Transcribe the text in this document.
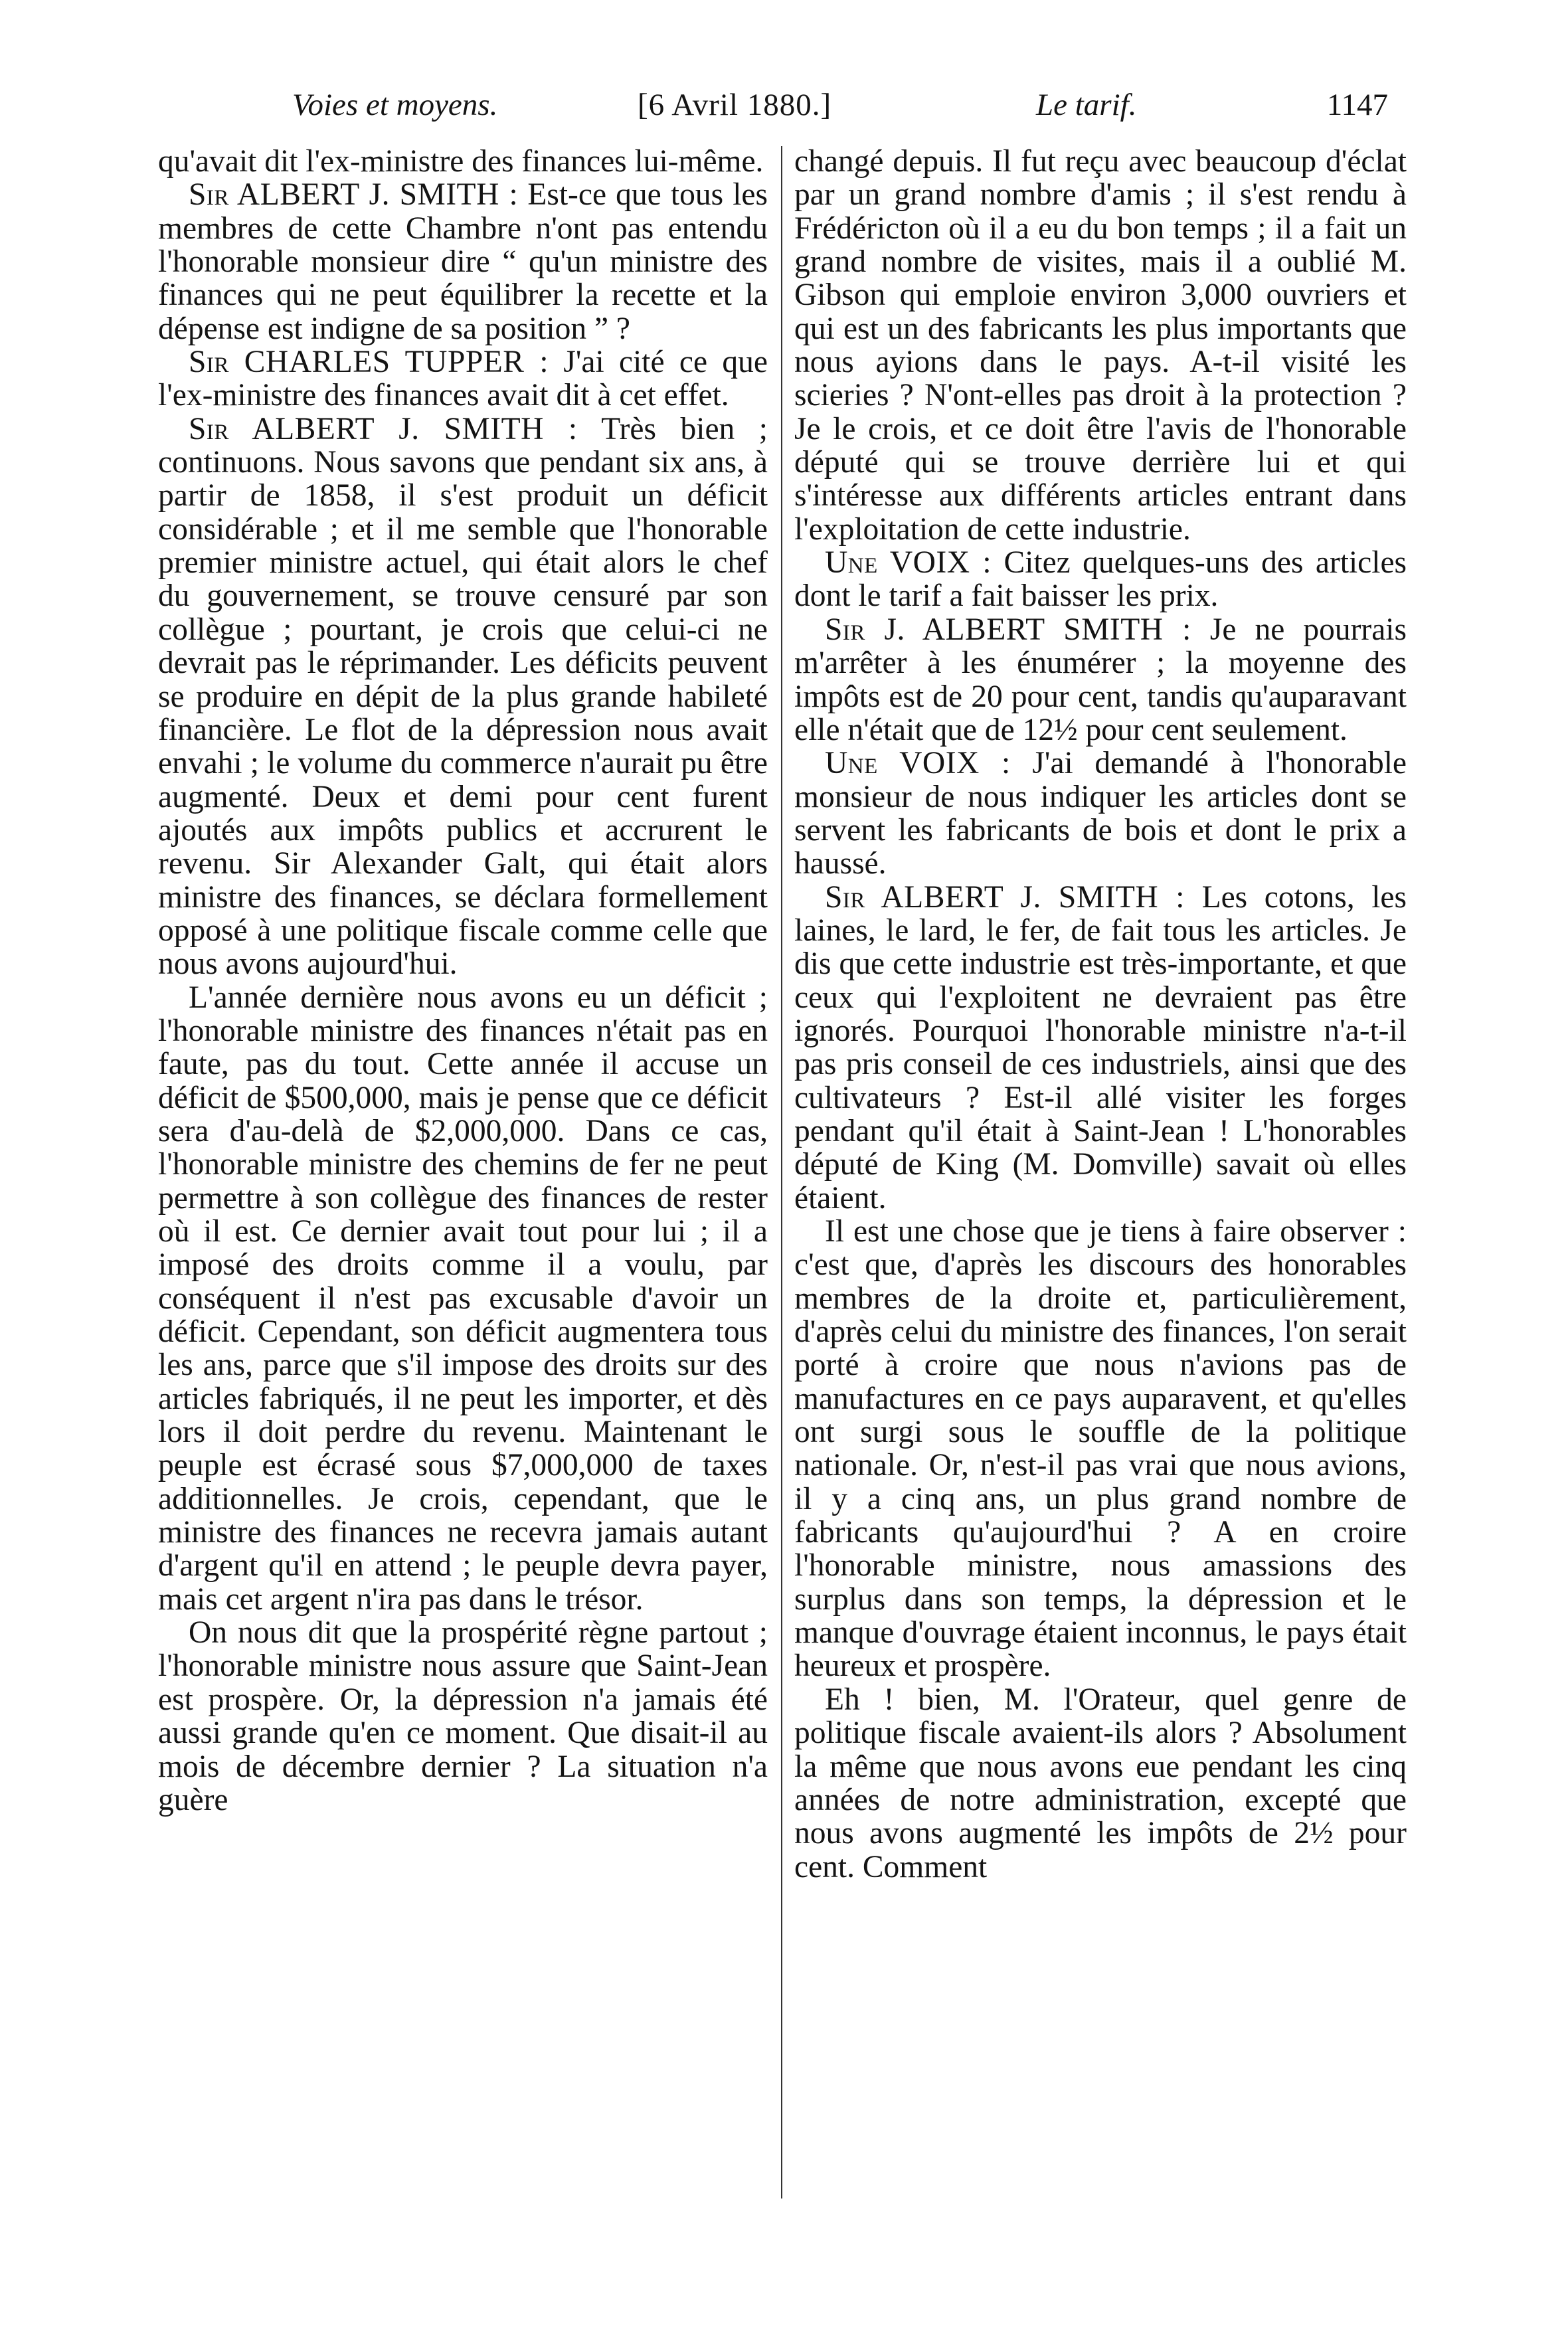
Voies et moyens.	[6 Avril 1880.]	Le tarif.	1147

qu'avait dit l'ex-ministre des finances lui-même.

Sir ALBERT J. SMITH : Est-ce que tous les membres de cette Chambre n'ont pas entendu l'honorable monsieur dire “ qu'un ministre des finances qui ne peut équilibrer la recette et la dépense est indigne de sa position ” ?

Sir CHARLES TUPPER : J'ai cité ce que l'ex-ministre des finances avait dit à cet effet.

Sir ALBERT J. SMITH : Très bien ; continuons. Nous savons que pendant six ans, à partir de 1858, il s'est produit un déficit considérable ; et il me semble que l'honorable premier ministre actuel, qui était alors le chef du gouvernement, se trouve censuré par son collègue ; pourtant, je crois que celui-ci ne devrait pas le réprimander. Les déficits peuvent se produire en dépit de la plus grande habileté financière. Le flot de la dépression nous avait envahi ; le volume du commerce n'aurait pu être augmenté. Deux et demi pour cent furent ajoutés aux impôts publics et accrurent le revenu. Sir Alexander Galt, qui était alors ministre des finances, se déclara formellement opposé à une politique fiscale comme celle que nous avons aujourd'hui.

L'année dernière nous avons eu un déficit ; l'honorable ministre des finances n'était pas en faute, pas du tout. Cette année il accuse un déficit de $500,000, mais je pense que ce déficit sera d'au-delà de $2,000,000. Dans ce cas, l'honorable ministre des chemins de fer ne peut permettre à son collègue des finances de rester où il est. Ce dernier avait tout pour lui ; il a imposé des droits comme il a voulu, par conséquent il n'est pas excusable d'avoir un déficit. Cependant, son déficit augmentera tous les ans, parce que s'il impose des droits sur des articles fabriqués, il ne peut les importer, et dès lors il doit perdre du revenu. Maintenant le peuple est écrasé sous $7,000,000 de taxes additionnelles. Je crois, cependant, que le ministre des finances ne recevra jamais autant d'argent qu'il en attend ; le peuple devra payer, mais cet argent n'ira pas dans le trésor.

On nous dit que la prospérité règne partout ; l'honorable ministre nous assure que Saint-Jean est prospère. Or, la dépression n'a jamais été aussi grande qu'en ce moment. Que disait-il au mois de décembre dernier ? La situation n'a guère

changé depuis. Il fut reçu avec beaucoup d'éclat par un grand nombre d'amis ; il s'est rendu à Frédéricton où il a eu du bon temps ; il a fait un grand nombre de visites, mais il a oublié M. Gibson qui emploie environ 3,000 ouvriers et qui est un des fabricants les plus importants que nous ayions dans le pays. A-t-il visité les scieries ? N'ont-elles pas droit à la protection ? Je le crois, et ce doit être l'avis de l'honorable député qui se trouve derrière lui et qui s'intéresse aux différents articles entrant dans l'exploitation de cette industrie.

Une VOIX : Citez quelques-uns des articles dont le tarif a fait baisser les prix.

Sir J. ALBERT SMITH : Je ne pourrais m'arrêter à les énumérer ; la moyenne des impôts est de 20 pour cent, tandis qu'auparavant elle n'était que de 12½ pour cent seulement.

Une VOIX : J'ai demandé à l'honorable monsieur de nous indiquer les articles dont se servent les fabricants de bois et dont le prix a haussé.

Sir ALBERT J. SMITH : Les cotons, les laines, le lard, le fer, de fait tous les articles. Je dis que cette industrie est très-importante, et que ceux qui l'exploitent ne devraient pas être ignorés. Pourquoi l'honorable ministre n'a-t-il pas pris conseil de ces industriels, ainsi que des cultivateurs ? Est-il allé visiter les forges pendant qu'il était à Saint-Jean ! L'honorables député de King (M. Domville) savait où elles étaient.

Il est une chose que je tiens à faire observer : c'est que, d'après les discours des honorables membres de la droite et, particulièrement, d'après celui du ministre des finances, l'on serait porté à croire que nous n'avions pas de manufactures en ce pays auparavent, et qu'elles ont surgi sous le souffle de la politique nationale. Or, n'est-il pas vrai que nous avions, il y a cinq ans, un plus grand nombre de fabricants qu'aujourd'hui ? A en croire l'honorable ministre, nous amassions des surplus dans son temps, la dépression et le manque d'ouvrage étaient inconnus, le pays était heureux et prospère.

Eh ! bien, M. l'Orateur, quel genre de politique fiscale avaient-ils alors ? Absolument la même que nous avons eue pendant les cinq années de notre administration, excepté que nous avons augmenté les impôts de 2½ pour cent. Comment
